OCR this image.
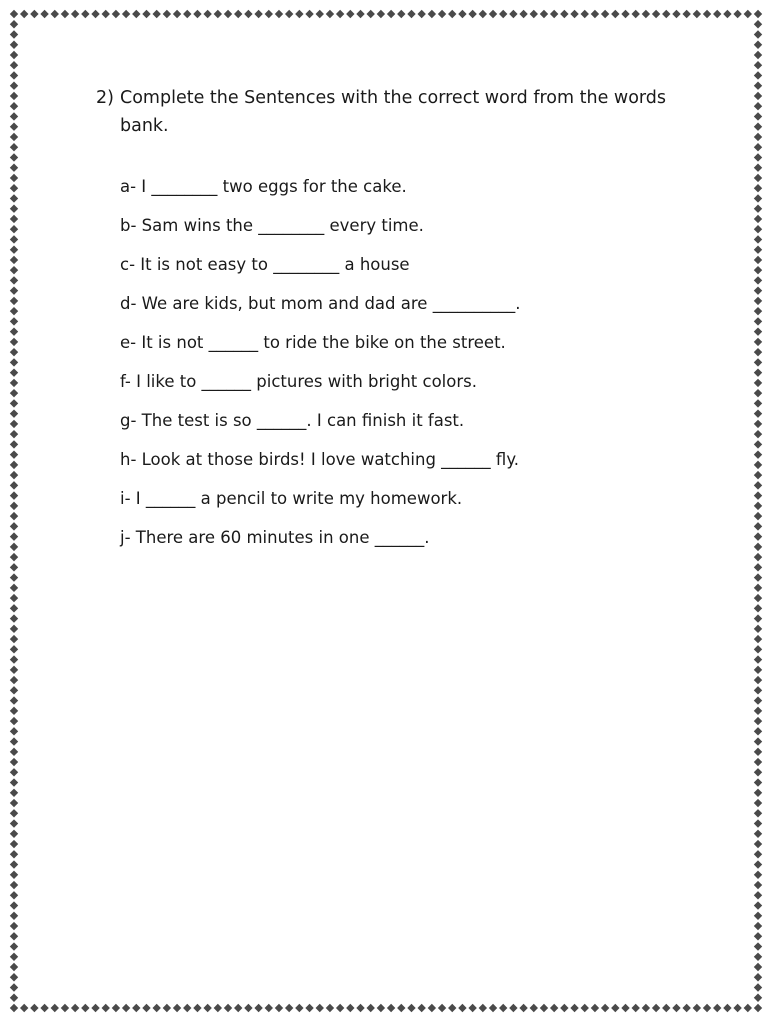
2) Complete the Sentences with the correct word from the words
bank.

a- I ________ two eggs for the cake.
b- Sam wins the ________ every time.
c- It is not easy to ________ a house
d- We are kids, but mom and dad are __________.
e- It is not ______ to ride the bike on the street.
f- I like to ______ pictures with bright colors.
g- The test is so ______. I can finish it fast.
h- Look at those birds! I love watching ______ fly.
i- I ______ a pencil to write my homework.
j- There are 60 minutes in one ______.
